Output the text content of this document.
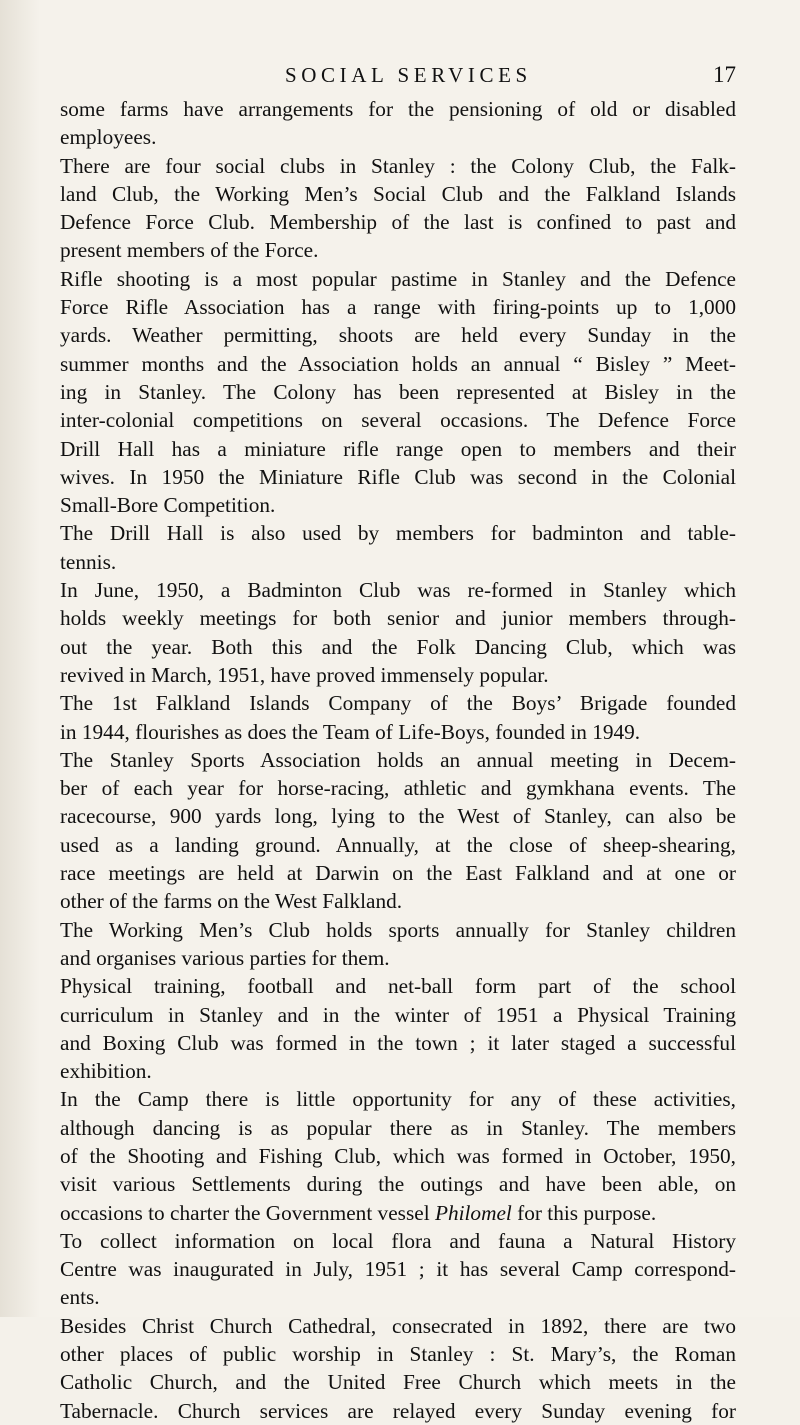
SOCIAL SERVICES	17

some farms have arrangements for the pensioning of old or disabled
employees.

There are four social clubs in Stanley : the Colony Club, the Falk-
land Club, the Working Men’s Social Club and the Falkland Islands
Defence Force Club. Membership of the last is confined to past and
present members of the Force.

Rifle shooting is a most popular pastime in Stanley and the Defence
Force Rifle Association has a range with firing-points up to 1,000
yards. Weather permitting, shoots are held every Sunday in the
summer months and the Association holds an annual “ Bisley ” Meet-
ing in Stanley. The Colony has been represented at Bisley in the
inter-colonial competitions on several occasions. The Defence Force
Drill Hall has a miniature rifle range open to members and their
wives. In 1950 the Miniature Rifle Club was second in the Colonial
Small-Bore Competition.

The Drill Hall is also used by members for badminton and table-
tennis.

In June, 1950, a Badminton Club was re-formed in Stanley which
holds weekly meetings for both senior and junior members through-
out the year. Both this and the Folk Dancing Club, which was
revived in March, 1951, have proved immensely popular.

The 1st Falkland Islands Company of the Boys’ Brigade founded
in 1944, flourishes as does the Team of Life-Boys, founded in 1949.

The Stanley Sports Association holds an annual meeting in Decem-
ber of each year for horse-racing, athletic and gymkhana events. The
racecourse, 900 yards long, lying to the West of Stanley, can also be
used as a landing ground. Annually, at the close of sheep-shearing,
race meetings are held at Darwin on the East Falkland and at one or
other of the farms on the West Falkland.

The Working Men’s Club holds sports annually for Stanley children
and organises various parties for them.

Physical training, football and net-ball form part of the school
curriculum in Stanley and in the winter of 1951 a Physical Training
and Boxing Club was formed in the town ; it later staged a successful
exhibition.

In the Camp there is little opportunity for any of these activities,
although dancing is as popular there as in Stanley. The members
of the Shooting and Fishing Club, which was formed in October, 1950,
visit various Settlements during the outings and have been able, on
occasions to charter the Government vessel Philomel for this purpose.

To collect information on local flora and fauna a Natural History
Centre was inaugurated in July, 1951 ; it has several Camp correspond-
ents.

Besides Christ Church Cathedral, consecrated in 1892, there are two
other places of public worship in Stanley : St. Mary’s, the Roman
Catholic Church, and the United Free Church which meets in the
Tabernacle. Church services are relayed every Sunday evening for
